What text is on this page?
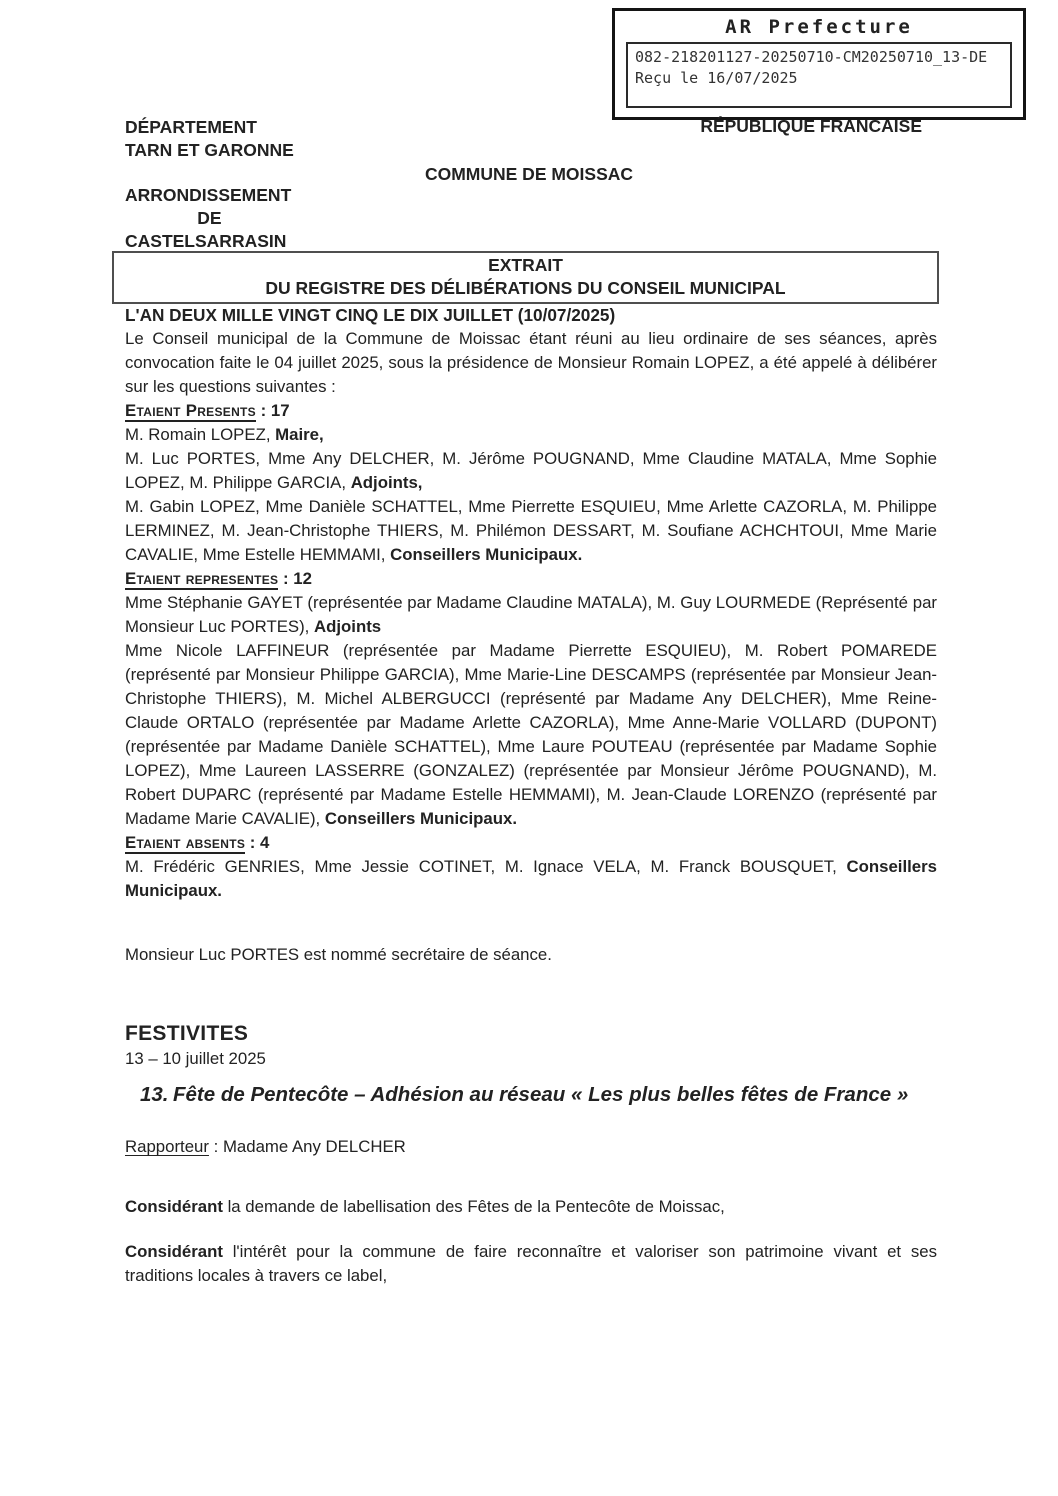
AR Prefecture
082-218201127-20250710-CM20250710_13-DE
Reçu le 16/07/2025
DÉPARTEMENT
TARN ET GARONNE
ARRONDISSEMENT
DE
CASTELSARRASIN
RÉPUBLIQUE FRANCAISE
COMMUNE DE MOISSAC
EXTRAIT
DU REGISTRE DES DÉLIBÉRATIONS DU CONSEIL MUNICIPAL

L'AN DEUX MILLE VINGT CINQ LE DIX JUILLET (10/07/2025)

Le Conseil municipal de la Commune de Moissac étant réuni au lieu ordinaire de ses séances, après convocation faite le 04 juillet 2025, sous la présidence de Monsieur Romain LOPEZ, a été appelé à délibérer sur les questions suivantes :

Etaient Presents : 17

M. Romain LOPEZ, Maire,

M. Luc PORTES, Mme Any DELCHER, M. Jérôme POUGNAND, Mme Claudine MATALA, Mme Sophie LOPEZ, M. Philippe GARCIA, Adjoints,

M. Gabin LOPEZ, Mme Danièle SCHATTEL, Mme Pierrette ESQUIEU, Mme Arlette CAZORLA, M. Philippe LERMINEZ, M. Jean-Christophe THIERS, M. Philémon DESSART, M. Soufiane ACHCHTOUI, Mme Marie CAVALIE, Mme Estelle HEMMAMI, Conseillers Municipaux.

Etaient representes : 12

Mme Stéphanie GAYET (représentée par Madame Claudine MATALA), M. Guy LOURMEDE (Représenté par Monsieur Luc PORTES), Adjoints

Mme Nicole LAFFINEUR (représentée par Madame Pierrette ESQUIEU), M. Robert POMAREDE (représenté par Monsieur Philippe GARCIA), Mme Marie-Line DESCAMPS (représentée par Monsieur Jean-Christophe THIERS), M. Michel ALBERGUCCI (représenté par Madame Any DELCHER), Mme Reine-Claude ORTALO (représentée par Madame Arlette CAZORLA), Mme Anne-Marie VOLLARD (DUPONT) (représentée par Madame Danièle SCHATTEL), Mme Laure POUTEAU (représentée par Madame Sophie LOPEZ), Mme Laureen LASSERRE (GONZALEZ) (représentée par Monsieur Jérôme POUGNAND), M. Robert DUPARC (représenté par Madame Estelle HEMMAMI), M. Jean-Claude LORENZO (représenté par Madame Marie CAVALIE), Conseillers Municipaux.

Etaient absents : 4

M. Frédéric GENRIES, Mme Jessie COTINET, M. Ignace VELA, M. Franck BOUSQUET, Conseillers Municipaux.

Monsieur Luc PORTES est nommé secrétaire de séance.

FESTIVITES

13 – 10 juillet 2025

13. Fête de Pentecôte – Adhésion au réseau « Les plus belles fêtes de France »

Rapporteur : Madame Any DELCHER

Considérant la demande de labellisation des Fêtes de la Pentecôte de Moissac,

Considérant l'intérêt pour la commune de faire reconnaître et valoriser son patrimoine vivant et ses traditions locales à travers ce label,
